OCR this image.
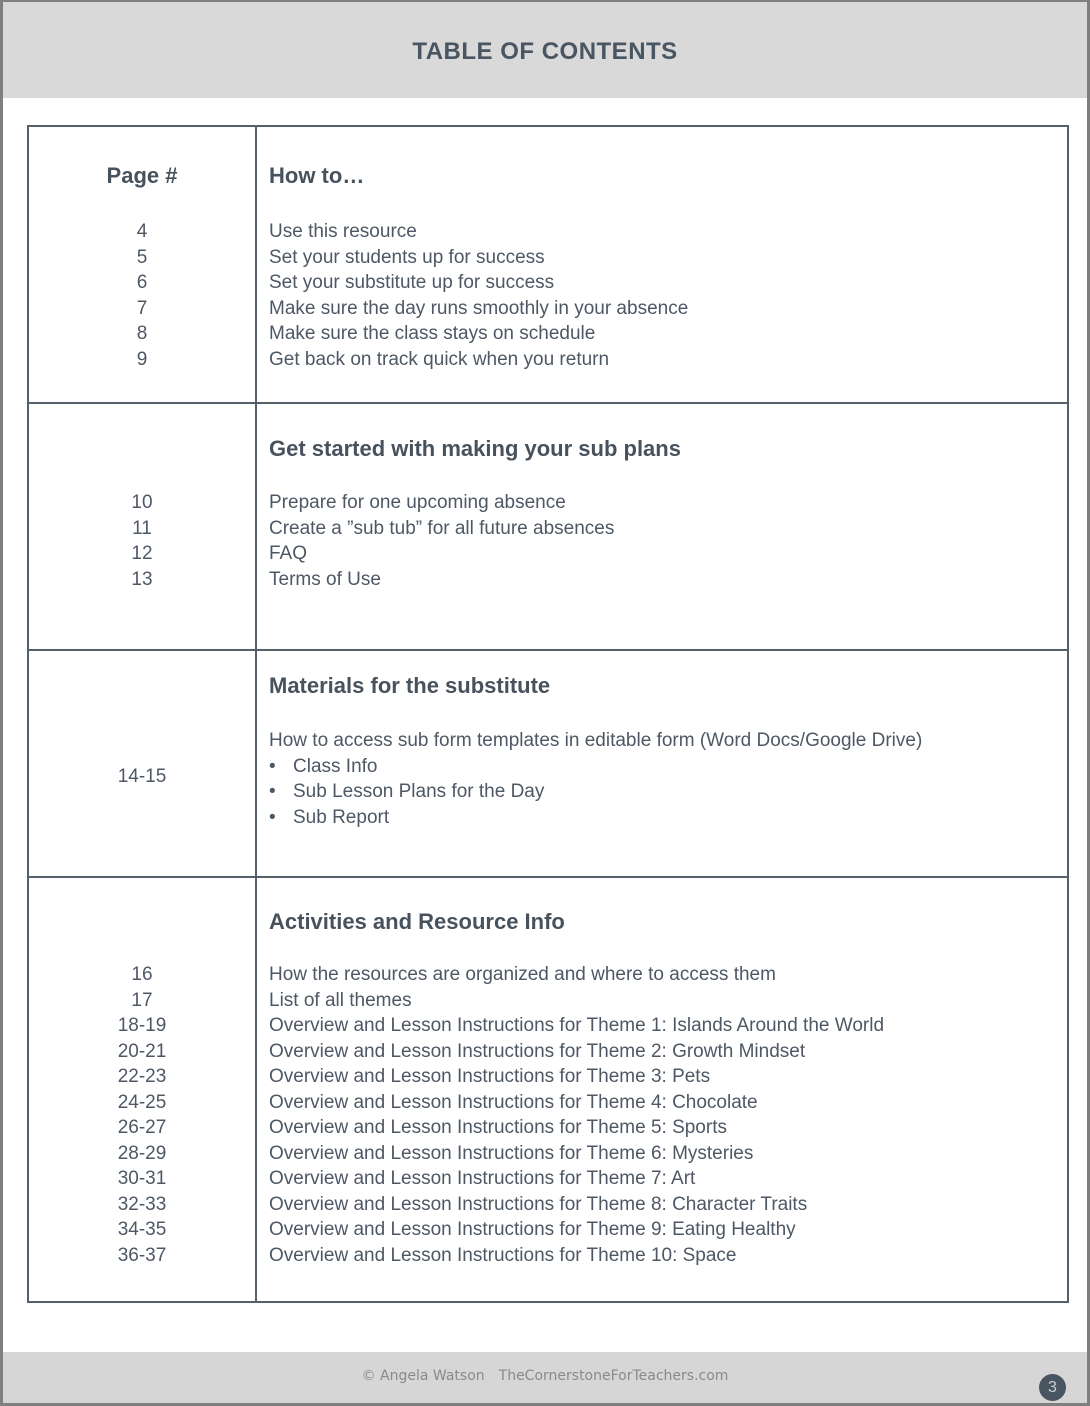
TABLE OF CONTENTS
Page #
4
5
6
7
8
9
How to…
Use this resource
Set your students up for success
Set your substitute up for success
Make sure the day runs smoothly in your absence
Make sure the class stays on schedule
Get back on track quick when you return
10
11
12
13
Get started with making your sub plans
Prepare for one upcoming absence
Create a ”sub tub” for all future absences
FAQ
Terms of Use
14-15
Materials for the substitute
How to access sub form templates in editable form (Word Docs/Google Drive)
• Class Info
• Sub Lesson Plans for the Day
• Sub Report
16
17
18-19
20-21
22-23
24-25
26-27
28-29
30-31
32-33
34-35
36-37
Activities and Resource Info
How the resources are organized and where to access them
List of all themes
Overview and Lesson Instructions for Theme 1: Islands Around the World
Overview and Lesson Instructions for Theme 2: Growth Mindset
Overview and Lesson Instructions for Theme 3: Pets
Overview and Lesson Instructions for Theme 4: Chocolate
Overview and Lesson Instructions for Theme 5: Sports
Overview and Lesson Instructions for Theme 6: Mysteries
Overview and Lesson Instructions for Theme 7: Art
Overview and Lesson Instructions for Theme 8: Character Traits
Overview and Lesson Instructions for Theme 9: Eating Healthy
Overview and Lesson Instructions for Theme 10: Space
© Angela Watson TheCornerstoneForTeachers.com
3
